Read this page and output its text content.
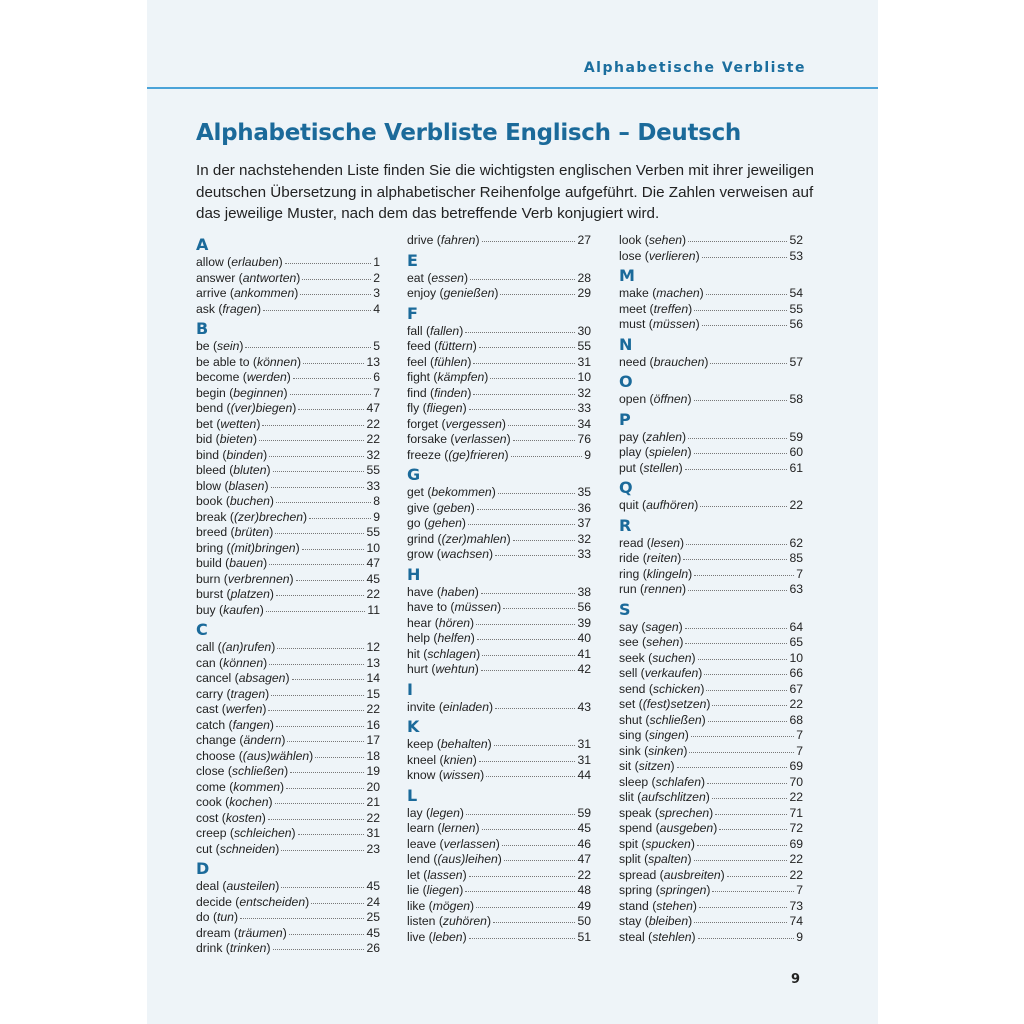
Alphabetische Verbliste
Alphabetische Verbliste Englisch – Deutsch
In der nachstehenden Liste finden Sie die wichtigsten englischen Verben mit ihrer jeweiligen deutschen Übersetzung in alphabetischer Reihenfolge aufgeführt. Die Zahlen verweisen auf das jeweilige Muster, nach dem das betreffende Verb konjugiert wird.
A
allow ( erlauben )	1
answer ( antworten )	2
arrive ( ankommen )	3
ask ( fragen )	4
B
be ( sein )	5
be able to ( können )	13
become ( werden )	6
begin ( beginnen )	7
bend ( (ver)biegen )	47
bet ( wetten )	22
bid ( bieten )	22
bind ( binden )	32
bleed ( bluten )	55
blow ( blasen )	33
book ( buchen )	8
break ( (zer)brechen )	9
breed ( brüten )	55
bring ( (mit)bringen )	10
build ( bauen )	47
burn ( verbrennen )	45
burst ( platzen )	22
buy ( kaufen )	11
C
call ( (an)rufen )	12
can ( können )	13
cancel ( absagen )	14
carry ( tragen )	15
cast ( werfen )	22
catch ( fangen )	16
change ( ändern )	17
choose ( (aus)wählen )	18
close ( schließen )	19
come ( kommen )	20
cook ( kochen )	21
cost ( kosten )	22
creep ( schleichen )	31
cut ( schneiden )	23
D
deal ( austeilen )	45
decide ( entscheiden )	24
do ( tun )	25
dream ( träumen )	45
drink ( trinken )	26
drive ( fahren )	27
E
eat ( essen )	28
enjoy ( genießen )	29
F
fall ( fallen )	30
feed ( füttern )	55
feel ( fühlen )	31
fight ( kämpfen )	10
find ( finden )	32
fly ( fliegen )	33
forget ( vergessen )	34
forsake ( verlassen )	76
freeze ( (ge)frieren )	9
G
get ( bekommen )	35
give ( geben )	36
go ( gehen )	37
grind ( (zer)mahlen )	32
grow ( wachsen )	33
H
have ( haben )	38
have to ( müssen )	56
hear ( hören )	39
help ( helfen )	40
hit ( schlagen )	41
hurt ( wehtun )	42
I
invite ( einladen )	43
K
keep ( behalten )	31
kneel ( knien )	31
know ( wissen )	44
L
lay ( legen )	59
learn ( lernen )	45
leave ( verlassen )	46
lend ( (aus)leihen )	47
let ( lassen )	22
lie ( liegen )	48
like ( mögen )	49
listen ( zuhören )	50
live ( leben )	51
look ( sehen )	52
lose ( verlieren )	53
M
make ( machen )	54
meet ( treffen )	55
must ( müssen )	56
N
need ( brauchen )	57
O
open ( öffnen )	58
P
pay ( zahlen )	59
play ( spielen )	60
put ( stellen )	61
Q
quit ( aufhören )	22
R
read ( lesen )	62
ride ( reiten )	85
ring ( klingeln )	7
run ( rennen )	63
S
say ( sagen )	64
see ( sehen )	65
seek ( suchen )	10
sell ( verkaufen )	66
send ( schicken )	67
set ( (fest)setzen )	22
shut ( schließen )	68
sing ( singen )	7
sink ( sinken )	7
sit ( sitzen )	69
sleep ( schlafen )	70
slit ( aufschlitzen )	22
speak ( sprechen )	71
spend ( ausgeben )	72
spit ( spucken )	69
split ( spalten )	22
spread ( ausbreiten )	22
spring ( springen )	7
stand ( stehen )	73
stay ( bleiben )	74
steal ( stehlen )	9
9
